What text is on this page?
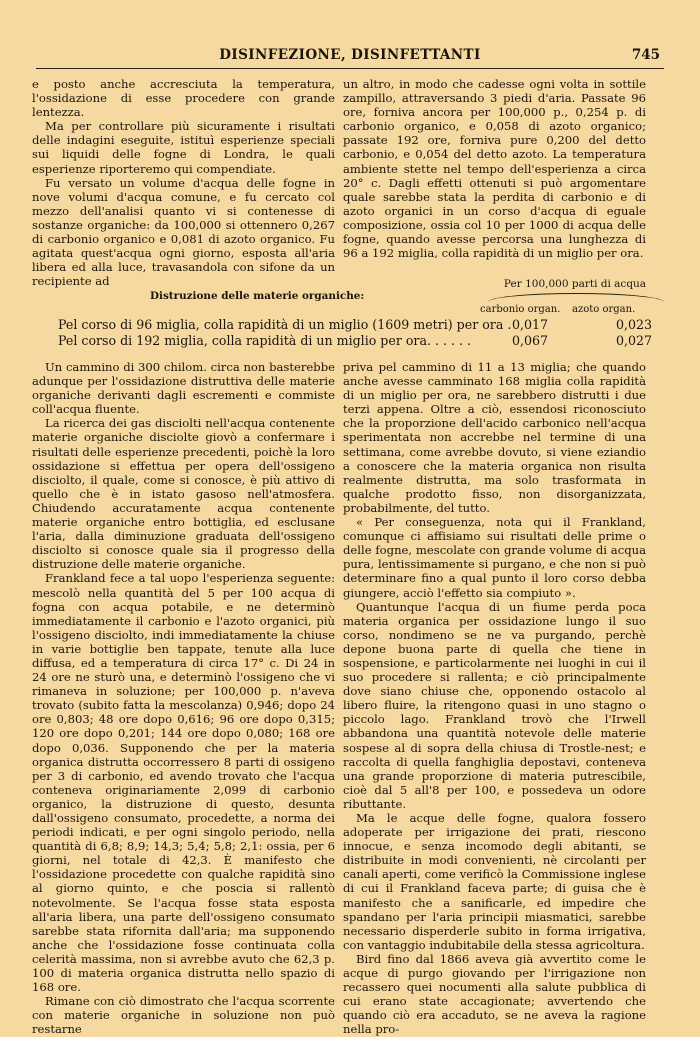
DISINFEZIONE, DISINFETTANTI	745

e posto anche accresciuta la temperatura, l'ossidazione di esse procedere con grande lentezza.

Ma per controllare più sicuramente i risultati delle indagini eseguite, istituì esperienze speciali sui liquidi delle fogne di Londra, le quali esperienze riporteremo qui compendiate.

Fu versato un volume d'acqua delle fogne in nove volumi d'acqua comune, e fu cercato col mezzo dell'analisi quanto vi si contenesse di sostanze organiche: da 100,000 si ottennero 0,267 di carbonio organico e 0,081 di azoto organico. Fu agitata quest'acqua ogni giorno, esposta all'aria libera ed alla luce, travasandola con sifone da un recipiente ad

un altro, in modo che cadesse ogni volta in sottile zampillo, attraversando 3 piedi d'aria. Passate 96 ore, forniva ancora per 100,000 p., 0,254 p. di carbonio organico, e 0,058 di azoto organico; passate 192 ore, forniva pure 0,200 del detto carbonio, e 0,054 del detto azoto. La temperatura ambiente stette nel tempo dell'esperienza a circa 20° c. Dagli effetti ottenuti si può argomentare quale sarebbe stata la perdita di carbonio e di azoto organici in un corso d'acqua di eguale composizione, ossia col 10 per 1000 di acqua delle fogne, quando avesse percorsa una lunghezza di 96 a 192 miglia, colla rapidità di un miglio per ora.

Per 100,000 parti di acqua
Distruzione delle materie organiche:
carbonio organ. azoto organ.
Pel corso di 96 miglia, colla rapidità di un miglio (1609 metri) per ora . 0,017	0,023
Pel corso di 192 miglia, colla rapidità di un miglio per ora. . . . . .	0,067	0,027

Un cammino di 300 chilom. circa non basterebbe adunque per l'ossidazione distruttiva delle materie organiche derivanti dagli escrementi e commiste coll'acqua fluente.

La ricerca dei gas disciolti nell'acqua contenente materie organiche disciolte giovò a confermare i risultati delle esperienze precedenti, poichè la loro ossidazione si effettua per opera dell'ossigeno disciolto, il quale, come si conosce, è più attivo di quello che è in istato gasoso nell'atmosfera. Chiudendo accuratamente acqua contenente materie organiche entro bottiglia, ed esclusane l'aria, dalla diminuzione graduata dell'ossigeno disciolto si conosce quale sia il progresso della distruzione delle materie organiche.

Frankland fece a tal uopo l'esperienza seguente: mescolò nella quantità del 5 per 100 acqua di fogna con acqua potabile, e ne determinò immediatamente il carbonio e l'azoto organici, più l'ossigeno disciolto, indi immediatamente la chiuse in varie bottiglie ben tappate, tenute alla luce diffusa, ed a temperatura di circa 17° c. Di 24 in 24 ore ne sturò una, e determinò l'ossigeno che vi rimaneva in soluzione; per 100,000 p. n'aveva trovato (subito fatta la mescolanza) 0,946; dopo 24 ore 0,803; 48 ore dopo 0,616; 96 ore dopo 0,315; 120 ore dopo 0,201; 144 ore dopo 0,080; 168 ore dopo 0,036. Supponendo che per la materia organica distrutta occorressero 8 parti di ossigeno per 3 di carbonio, ed avendo trovato che l'acqua conteneva originariamente 2,099 di carbonio organico, la distruzione di questo, desunta dall'ossigeno consumato, procedette, a norma dei periodi indicati, e per ogni singolo periodo, nella quantità di 6,8; 8,9; 14,3; 5,4; 5,8; 2,1: ossia, per 6 giorni, nel totale di 42,3. È manifesto che l'ossidazione procedette con qualche rapidità sino al giorno quinto, e che poscia si rallentò notevolmente. Se l'acqua fosse stata esposta all'aria libera, una parte dell'ossigeno consumato sarebbe stata rifornita dall'aria; ma supponendo anche che l'ossidazione fosse continuata colla celerità massima, non si avrebbe avuto che 62,3 p. 100 di materia organica distrutta nello spazio di 168 ore.

Rimane con ciò dimostrato che l'acqua scorrente con materie organiche in soluzione non può restarne

priva pel cammino di 11 a 13 miglia; che quando anche avesse camminato 168 miglia colla rapidità di un miglio per ora, ne sarebbero distrutti i due terzi appena. Oltre a ciò, essendosi riconosciuto che la proporzione dell'acido carbonico nell'acqua sperimentata non accrebbe nel termine di una settimana, come avrebbe dovuto, si viene eziandio a conoscere che la materia organica non risulta realmente distrutta, ma solo trasformata in qualche prodotto fisso, non disorganizzata, probabilmente, del tutto.

« Per conseguenza, nota qui il Frankland, comunque ci affisiamo sui risultati delle prime o delle fogne, mescolate con grande volume di acqua pura, lentissimamente si purgano, e che non si può determinare fino a qual punto il loro corso debba giungere, acciò l'effetto sia compiuto ».

Quantunque l'acqua di un fiume perda poca materia organica per ossidazione lungo il suo corso, nondimeno se ne va purgando, perchè depone buona parte di quella che tiene in sospensione, e particolarmente nei luoghi in cui il suo procedere si rallenta; e ciò principalmente dove siano chiuse che, opponendo ostacolo al libero fluire, la ritengono quasi in uno stagno o piccolo lago. Frankland trovò che l'Irwell abbandona una quantità notevole delle materie sospese al di sopra della chiusa di Trostle-nest; e raccolta di quella fanghiglia depostavi, conteneva una grande proporzione di materia putrescibile, cioè dal 5 all'8 per 100, e possedeva un odore ributtante.

Ma le acque delle fogne, qualora fossero adoperate per irrigazione dei prati, riescono innocue, e senza incomodo degli abitanti, se distribuite in modi convenienti, nè circolanti per canali aperti, come verificò la Commissione inglese di cui il Frankland faceva parte; di guisa che è manifesto che a sanificarle, ed impedire che spandano per l'aria principii miasmatici, sarebbe necessario disperderle subito in forma irrigativa, con vantaggio indubitabile della stessa agricoltura.

Bird fino dal 1866 aveva già avvertito come le acque di purgo giovando per l'irrigazione non recassero quei nocumenti alla salute pubblica di cui erano state accagionate; avvertendo che quando ciò era accaduto, se ne aveva la ragione nella pro-
